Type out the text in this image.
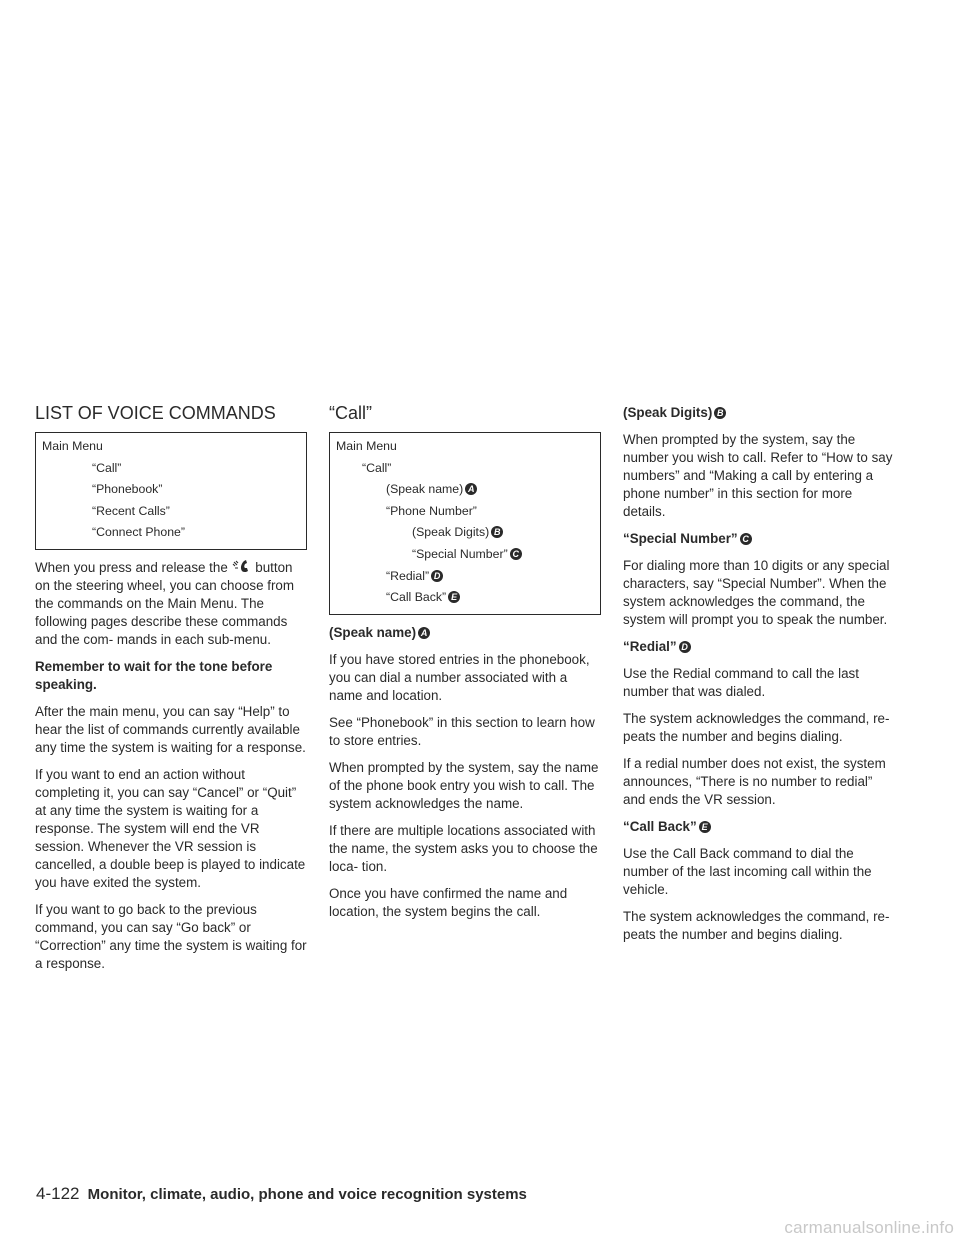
LIST OF VOICE COMMANDS
Main Menu
“Call”
“Phonebook”
“Recent Calls”
“Connect Phone”

When you press and release the button on the steering wheel, you can choose from the commands on the Main Menu. The following pages describe these commands and the com- mands in each sub-menu.

Remember to wait for the tone before speaking.

After the main menu, you can say “Help” to hear the list of commands currently available any time the system is waiting for a response.

If you want to end an action without completing it, you can say “Cancel” or “Quit” at any time the system is waiting for a response. The system will end the VR session. Whenever the VR session is cancelled, a double beep is played to indicate you have exited the system.

If you want to go back to the previous command, you can say “Go back” or “Correction” any time the system is waiting for a response.

“Call”
Main Menu
“Call”
(Speak name) A
“Phone Number”
(Speak Digits) B
“Special Number” C
“Redial” D
“Call Back” E
(Speak name) A

If you have stored entries in the phonebook, you can dial a number associated with a name and location.

See “Phonebook” in this section to learn how to store entries.

When prompted by the system, say the name of the phone book entry you wish to call. The system acknowledges the name.

If there are multiple locations associated with the name, the system asks you to choose the loca- tion.

Once you have confirmed the name and location, the system begins the call.

(Speak Digits) B

When prompted by the system, say the number you wish to call. Refer to “How to say numbers” and “Making a call by entering a phone number” in this section for more details.

“Special Number” C

For dialing more than 10 digits or any special characters, say “Special Number”. When the system acknowledges the command, the system will prompt you to speak the number.

“Redial” D

Use the Redial command to call the last number that was dialed.

The system acknowledges the command, re- peats the number and begins dialing.

If a redial number does not exist, the system announces, “There is no number to redial” and ends the VR session.

“Call Back” E

Use the Call Back command to dial the number of the last incoming call within the vehicle.

The system acknowledges the command, re- peats the number and begins dialing.

4-122 Monitor, climate, audio, phone and voice recognition systems
carmanualsonline.info
